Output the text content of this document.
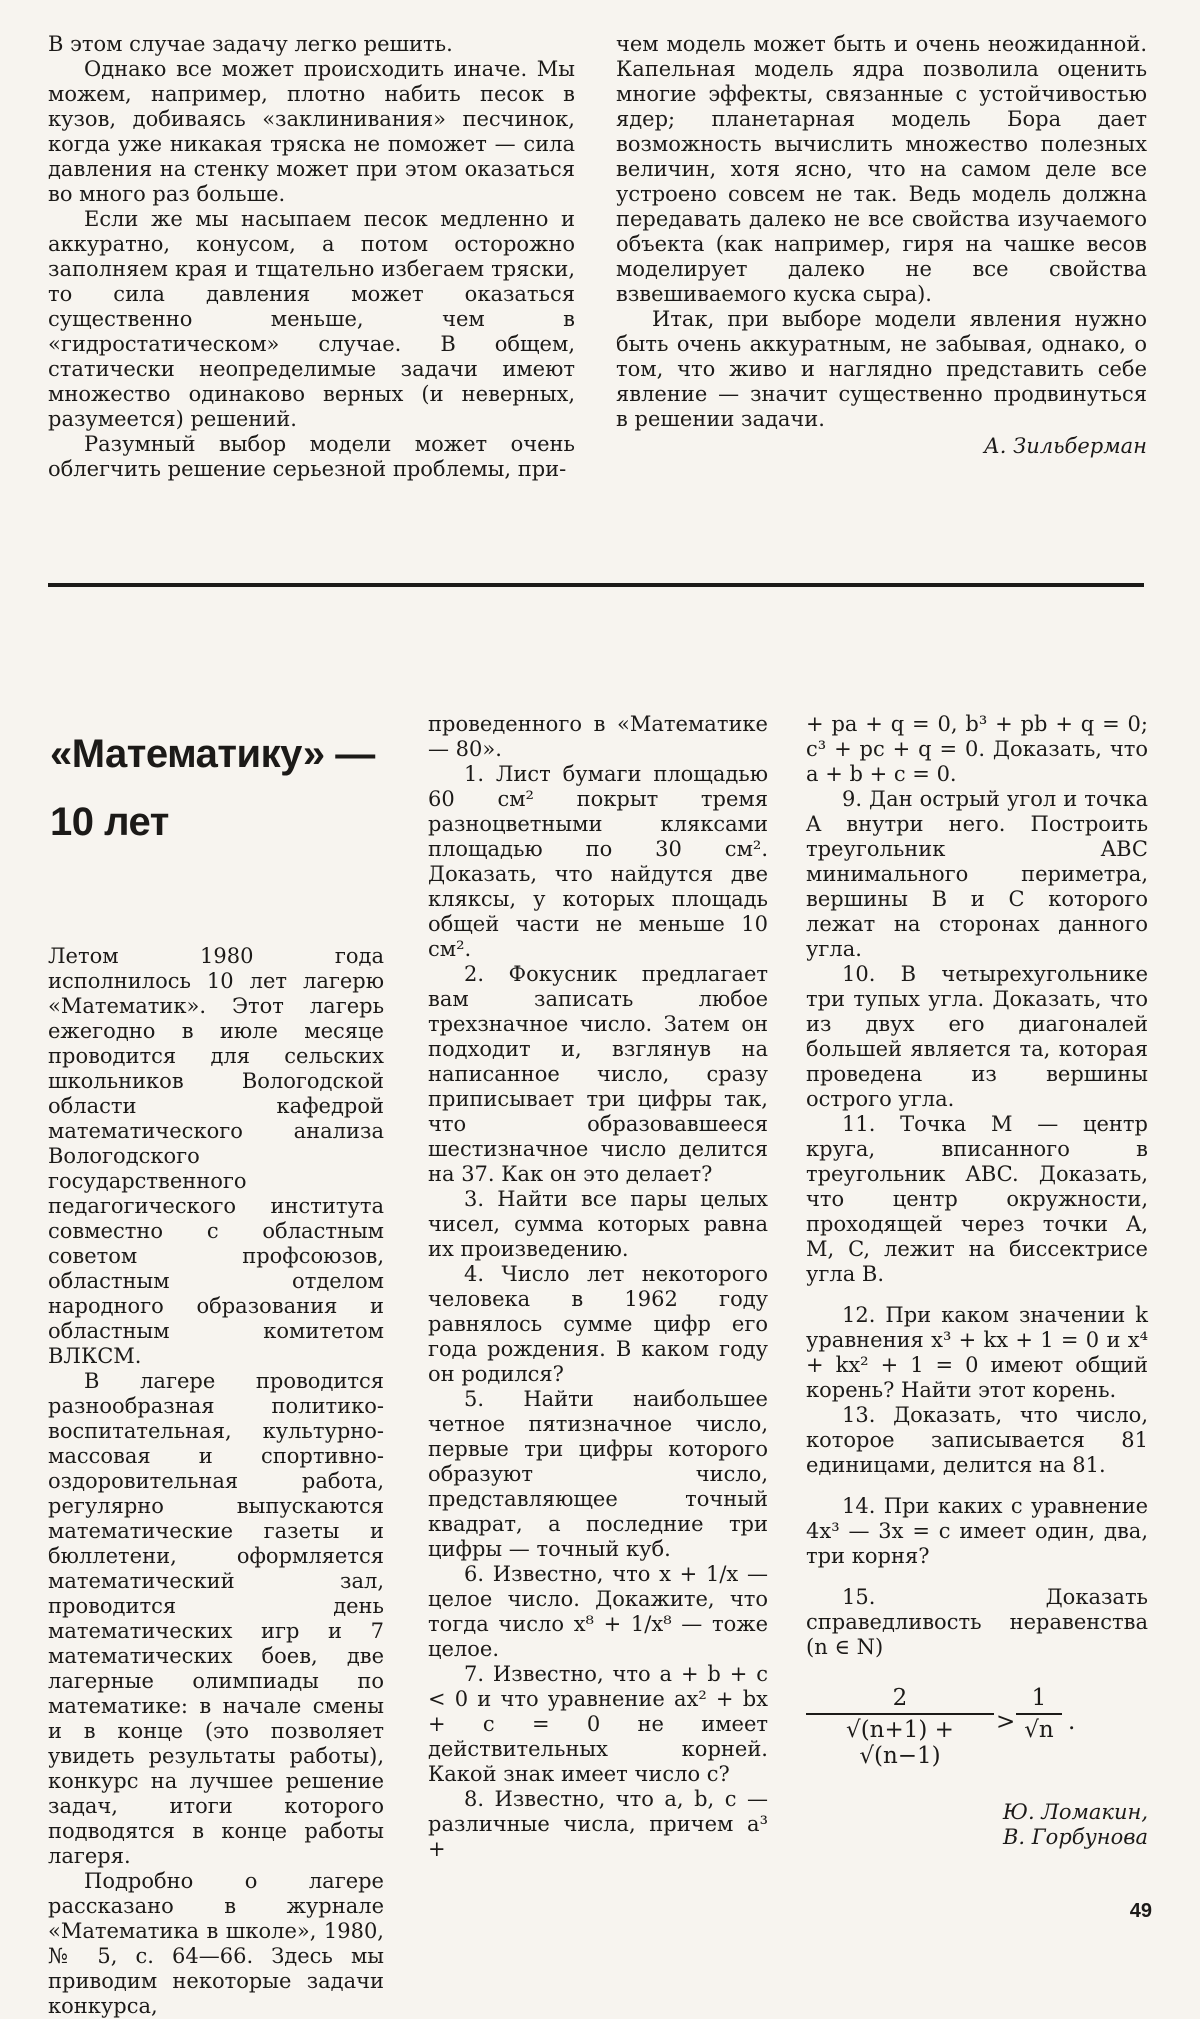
В этом случае задачу легко решить.

Однако все может происходить иначе. Мы можем, например, плотно набить песок в кузов, добиваясь «заклинивания» песчинок, когда уже никакая тряска не поможет — сила давления на стенку может при этом оказаться во много раз больше.

Если же мы насыпаем песок медленно и аккуратно, конусом, а потом осторожно заполняем края и тщательно избегаем тряски, то сила давления может оказаться существенно меньше, чем в «гидростатическом» случае. В общем, статически неопределимые задачи имеют множество одинаково верных (и неверных, разумеется) решений.

Разумный выбор модели может очень облегчить решение серьезной проблемы, при-

чем модель может быть и очень неожиданной. Капельная модель ядра позволила оценить многие эффекты, связанные с устойчивостью ядер; планетарная модель Бора дает возможность вычислить множество полезных величин, хотя ясно, что на самом деле все устроено совсем не так. Ведь модель должна передавать далеко не все свойства изучаемого объекта (как например, гиря на чашке весов моделирует далеко не все свойства взвешиваемого куска сыра).

Итак, при выборе модели явления нужно быть очень аккуратным, не забывая, однако, о том, что живо и наглядно представить себе явление — значит существенно продвинуться в решении задачи.

А. Зильберман

«Математику» —
10 лет

Летом 1980 года исполнилось 10 лет лагерю «Математик». Этот лагерь ежегодно в июле месяце проводится для сельских школьников Вологодской области кафедрой математического анализа Вологодского государственного педагогического института совместно с областным советом профсоюзов, областным отделом народного образования и областным комитетом ВЛКСМ.

В лагере проводится разнообразная политико-воспитательная, культурно-массовая и спортивно-оздоровительная работа, регулярно выпускаются математические газеты и бюллетени, оформляется математический зал, проводится день математических игр и 7 математических боев, две лагерные олимпиады по математике: в начале смены и в конце (это позволяет увидеть результаты работы), конкурс на лучшее решение задач, итоги которого подводятся в конце работы лагеря.

Подробно о лагере рассказано в журнале «Математика в школе», 1980, № 5, с. 64—66. Здесь мы приводим некоторые задачи конкурса,

проведенного в «Математике — 80».

1. Лист бумаги площадью 60 см² покрыт тремя разноцветными кляксами площадью по 30 см². Доказать, что найдутся две кляксы, у которых площадь общей части не меньше 10 см².

2. Фокусник предлагает вам записать любое трехзначное число. Затем он подходит и, взглянув на написанное число, сразу приписывает три цифры так, что образовавшееся шестизначное число делится на 37. Как он это делает?

3. Найти все пары целых чисел, сумма которых равна их произведению.

4. Число лет некоторого человека в 1962 году равнялось сумме цифр его года рождения. В каком году он родился?

5. Найти наибольшее четное пятизначное число, первые три цифры которого образуют число, представляющее точный квадрат, а последние три цифры — точный куб.

6. Известно, что x + 1/x — целое число. Докажите, что тогда число x⁸ + 1/x⁸ — тоже целое.

7. Известно, что a + b + c < 0 и что уравнение ax² + bx + c = 0 не имеет действительных корней. Какой знак имеет число c?

8. Известно, что a, b, c — различные числа, причем a³ +

+ pa + q = 0, b³ + pb + q = 0; c³ + pc + q = 0. Доказать, что a + b + c = 0.

9. Дан острый угол и точка A внутри него. Построить треугольник ABC минимального периметра, вершины B и C которого лежат на сторонах данного угла.

10. В четырехугольнике три тупых угла. Доказать, что из двух его диагоналей большей является та, которая проведена из вершины острого угла.

11. Точка M — центр круга, вписанного в треугольник ABC. Доказать, что центр окружности, проходящей через точки A, M, C, лежит на биссектрисе угла B.

12. При каком значении k уравнения x³ + kx + 1 = 0 и x⁴ + kx² + 1 = 0 имеют общий корень? Найти этот корень.

13. Доказать, что число, которое записывается 81 единицами, делится на 81.

14. При каких c уравнение 4x³ — 3x = c имеет один, два, три корня?

15. Доказать справедливость неравенства (n ∈ N)

2
√(n+1) + √(n−1)
>
1
√n .
Ю. Ломакин,
В. Горбунова
49
